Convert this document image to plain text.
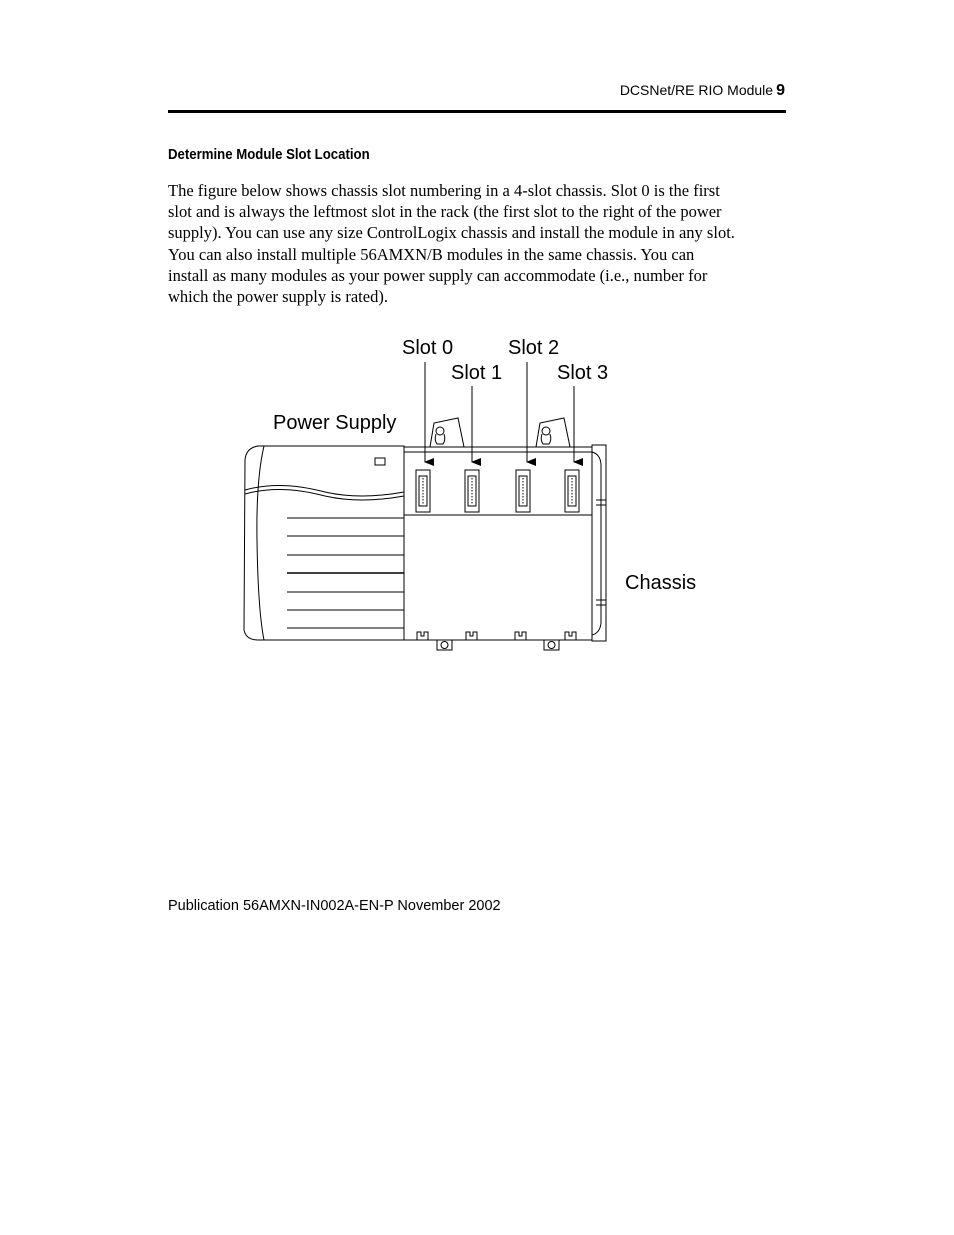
DCSNet/RE RIO Module 9
Determine Module Slot Location
The figure below shows chassis slot numbering in a 4-slot chassis. Slot 0 is the first
slot and is always the leftmost slot in the rack (the first slot to the right of the power
supply). You can use any size ControlLogix chassis and install the module in any slot.
You can also install multiple 56AMXN/B modules in the same chassis. You can
install as many modules as your power supply can accommodate (i.e., number for
which the power supply is rated).
Slot 0
Slot 1
Slot 2
Slot 3
Power Supply
Chassis
Publication 56AMXN-IN002A-EN-P November 2002
